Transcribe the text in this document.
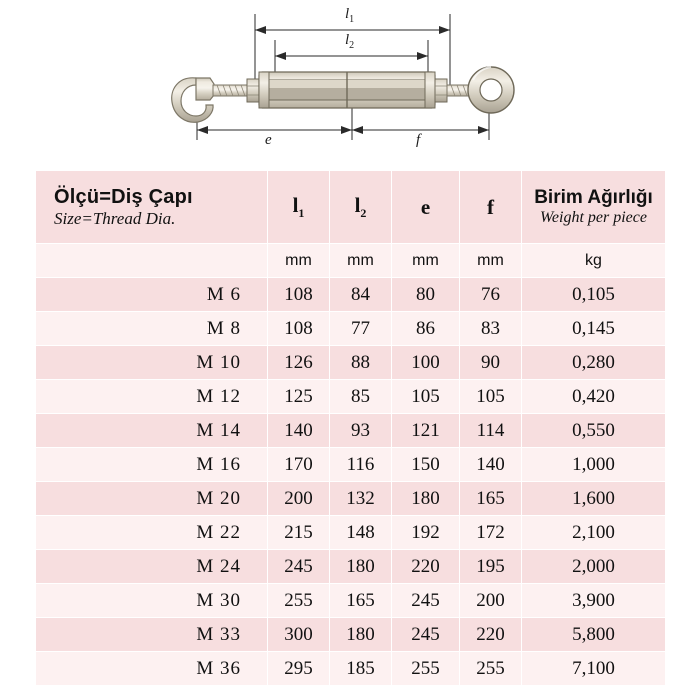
$l_1$
$l_2$
e	f
Ölçü=Diş Çapı
Size=Thread Dia.
	$l_1$	$l_2$	e	f	Birim Ağırlığı
Weight per piece

	mm	mm	mm	mm	kg
M 6	108	84	80	76	0,105
M 8	108	77	86	83	0,145
M 10	126	88	100	90	0,280
M 12	125	85	105	105	0,420
M 14	140	93	121	114	0,550
M 16	170	116	150	140	1,000
M 20	200	132	180	165	1,600
M 22	215	148	192	172	2,100
M 24	245	180	220	195	2,000
M 30	255	165	245	200	3,900
M 33	300	180	245	220	5,800
M 36	295	185	255	255	7,100
